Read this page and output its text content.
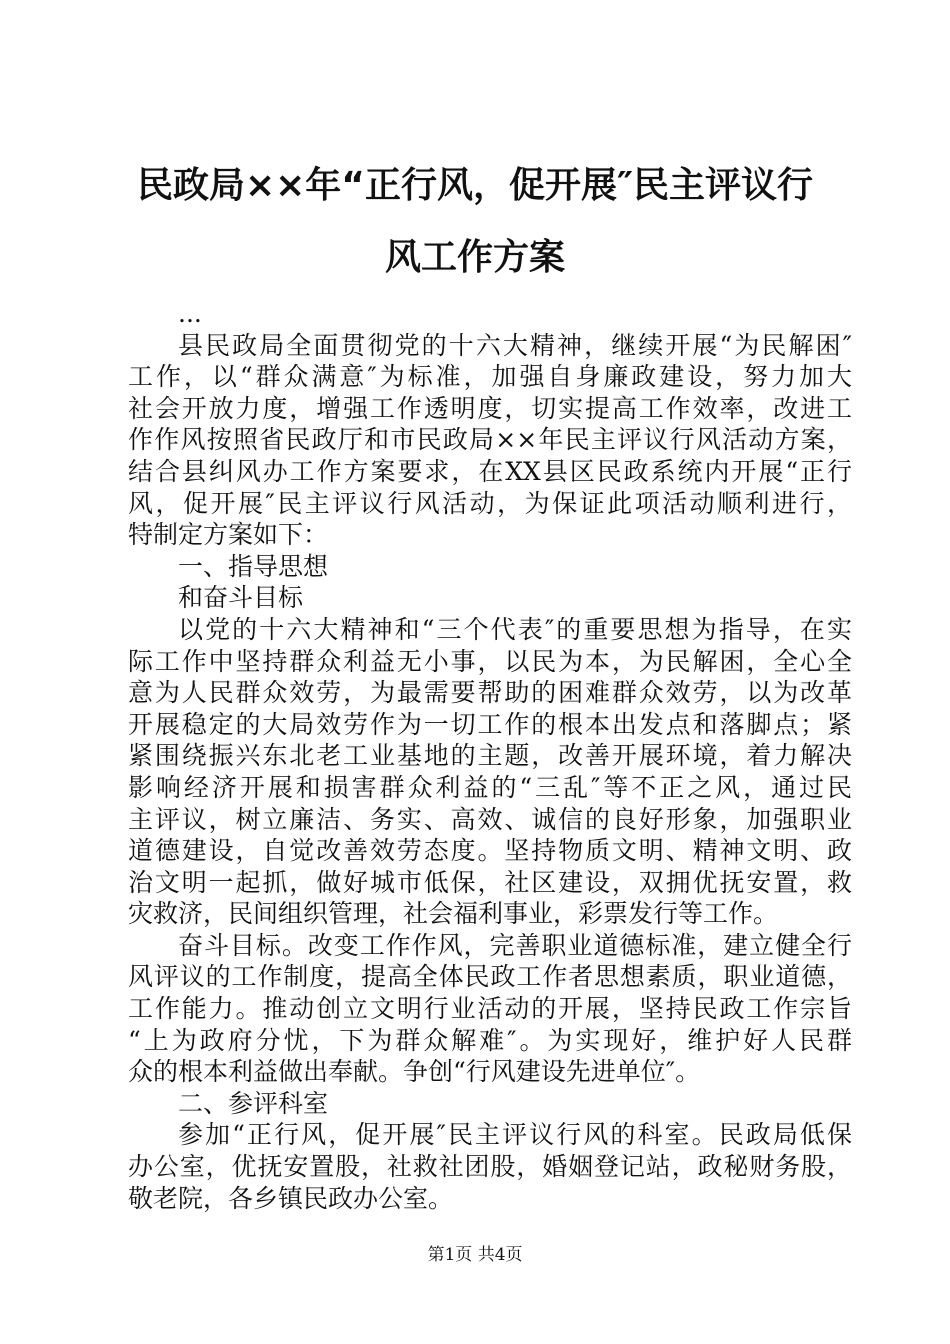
民政局××年“正行风，促开展″民主评议行
风工作方案
...
县民政局全面贯彻党的十六大精神，继续开展“为民解困″
工作，以“群众满意″为标准，加强自身廉政建设，努力加大
社会开放力度，增强工作透明度，切实提高工作效率，改进工
作作风按照省民政厅和市民政局××年民主评议行风活动方案，
结合县纠风办工作方案要求，在XX县区民政系统内开展“正行
风，促开展″民主评议行风活动，为保证此项活动顺利进行，
特制定方案如下：
一、指导思想
和奋斗目标
以党的十六大精神和“三个代表″的重要思想为指导，在实
际工作中坚持群众利益无小事，以民为本，为民解困，全心全
意为人民群众效劳，为最需要帮助的困难群众效劳，以为改革
开展稳定的大局效劳作为一切工作的根本出发点和落脚点；紧
紧围绕振兴东北老工业基地的主题，改善开展环境，着力解决
影响经济开展和损害群众利益的“三乱″等不正之风，通过民
主评议，树立廉洁、务实、高效、诚信的良好形象，加强职业
道德建设，自觉改善效劳态度。坚持物质文明、精神文明、政
治文明一起抓，做好城市低保，社区建设，双拥优抚安置，救
灾救济，民间组织管理，社会福利事业，彩票发行等工作。
奋斗目标。改变工作作风，完善职业道德标准，建立健全行
风评议的工作制度，提高全体民政工作者思想素质，职业道德，
工作能力。推动创立文明行业活动的开展，坚持民政工作宗旨
“上为政府分忧，下为群众解难″。为实现好，维护好人民群
众的根本利益做出奉献。争创“行风建设先进单位″。
二、参评科室
参加“正行风，促开展″民主评议行风的科室。民政局低保
办公室，优抚安置股，社救社团股，婚姻登记站，政秘财务股，
敬老院，各乡镇民政办公室。
第1页 共4页
